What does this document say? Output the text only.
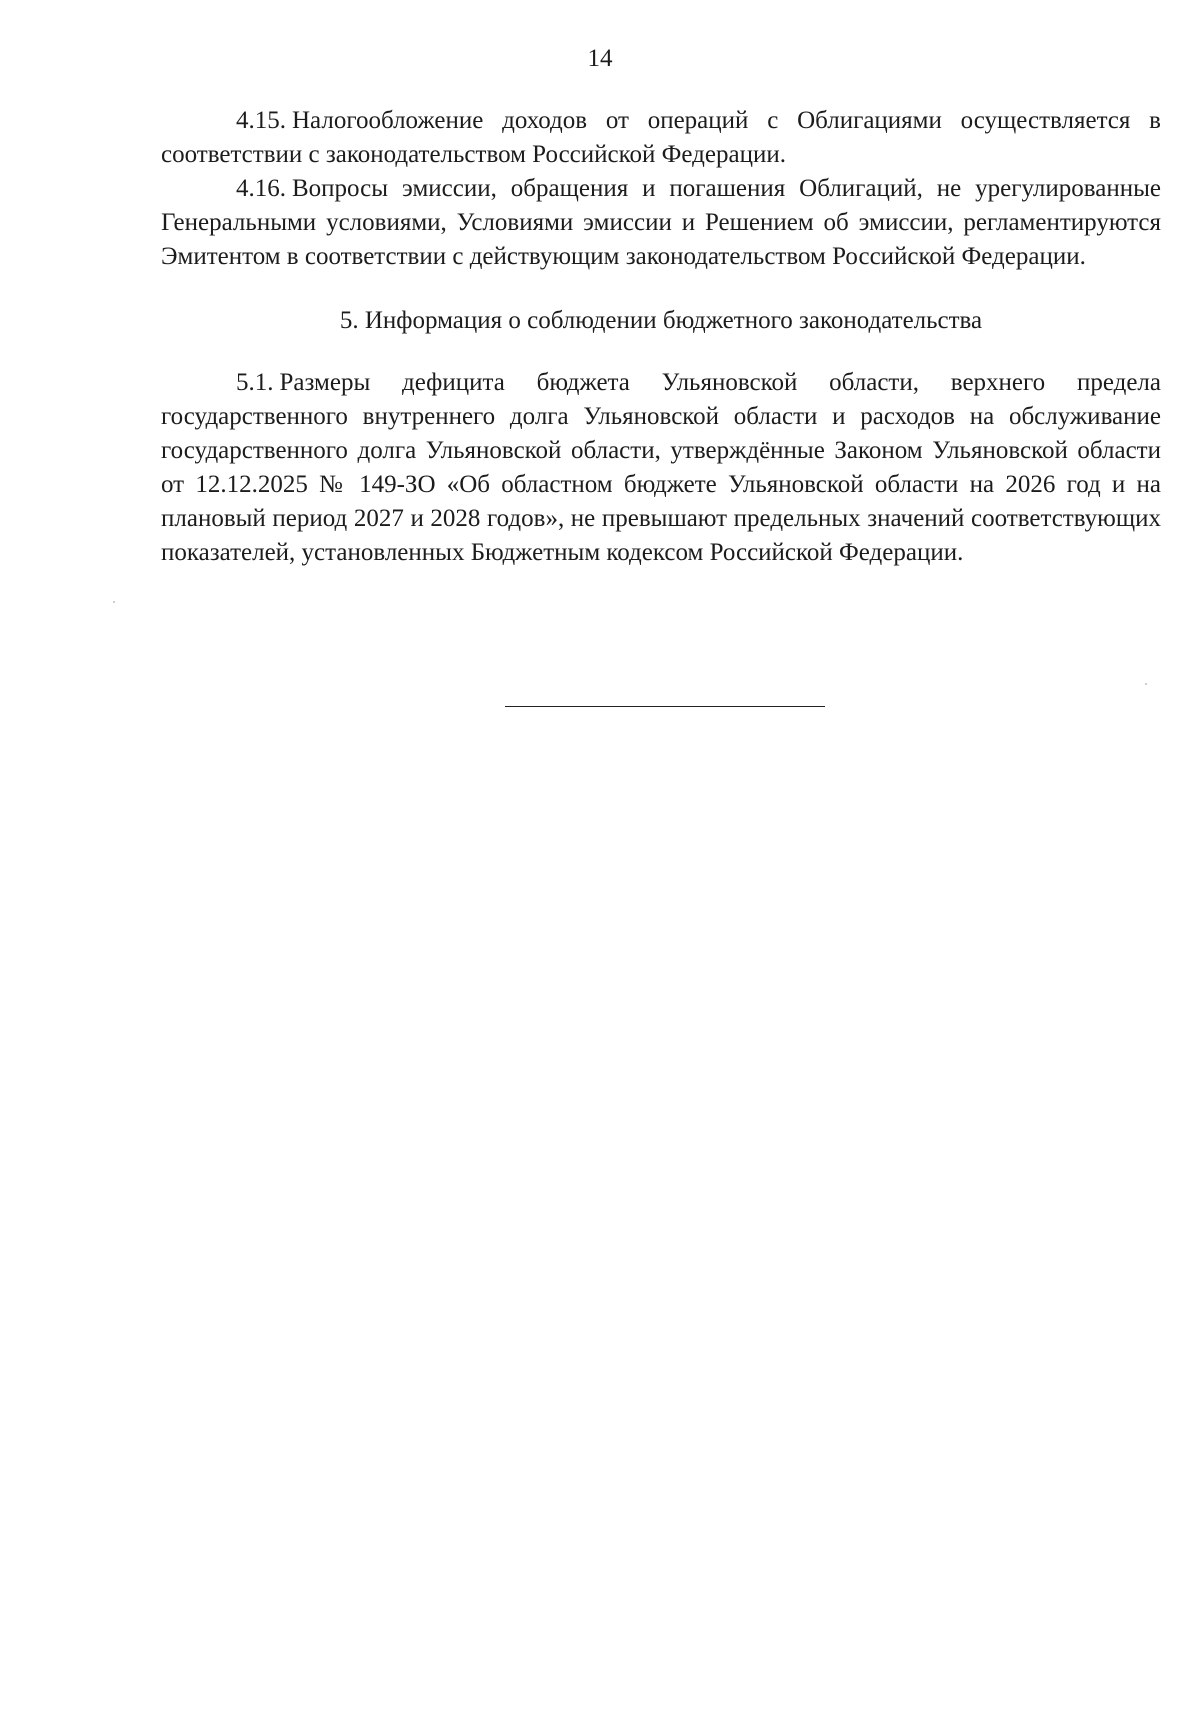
14

4.15. Налогообложение доходов от операций с Облигациями осуществляется в соответствии с законодательством Российской Федерации.

4.16. Вопросы эмиссии, обращения и погашения Облигаций, не урегулированные Генеральными условиями, Условиями эмиссии и Решением об эмиссии, регламентируются Эмитентом в соответствии с действующим законодательством Российской Федерации.

5. Информация о соблюдении бюджетного законодательства

5.1. Размеры дефицита бюджета Ульяновской области, верхнего предела государственного внутреннего долга Ульяновской области и расходов на обслуживание государственного долга Ульяновской области, утверждённые Законом Ульяновской области от 12.12.2025 № 149-ЗО «Об областном бюджете Ульяновской области на 2026 год и на плановый период 2027 и 2028 годов», не превышают предельных значений соответствующих показателей, установленных Бюджетным кодексом Российской Федерации.
